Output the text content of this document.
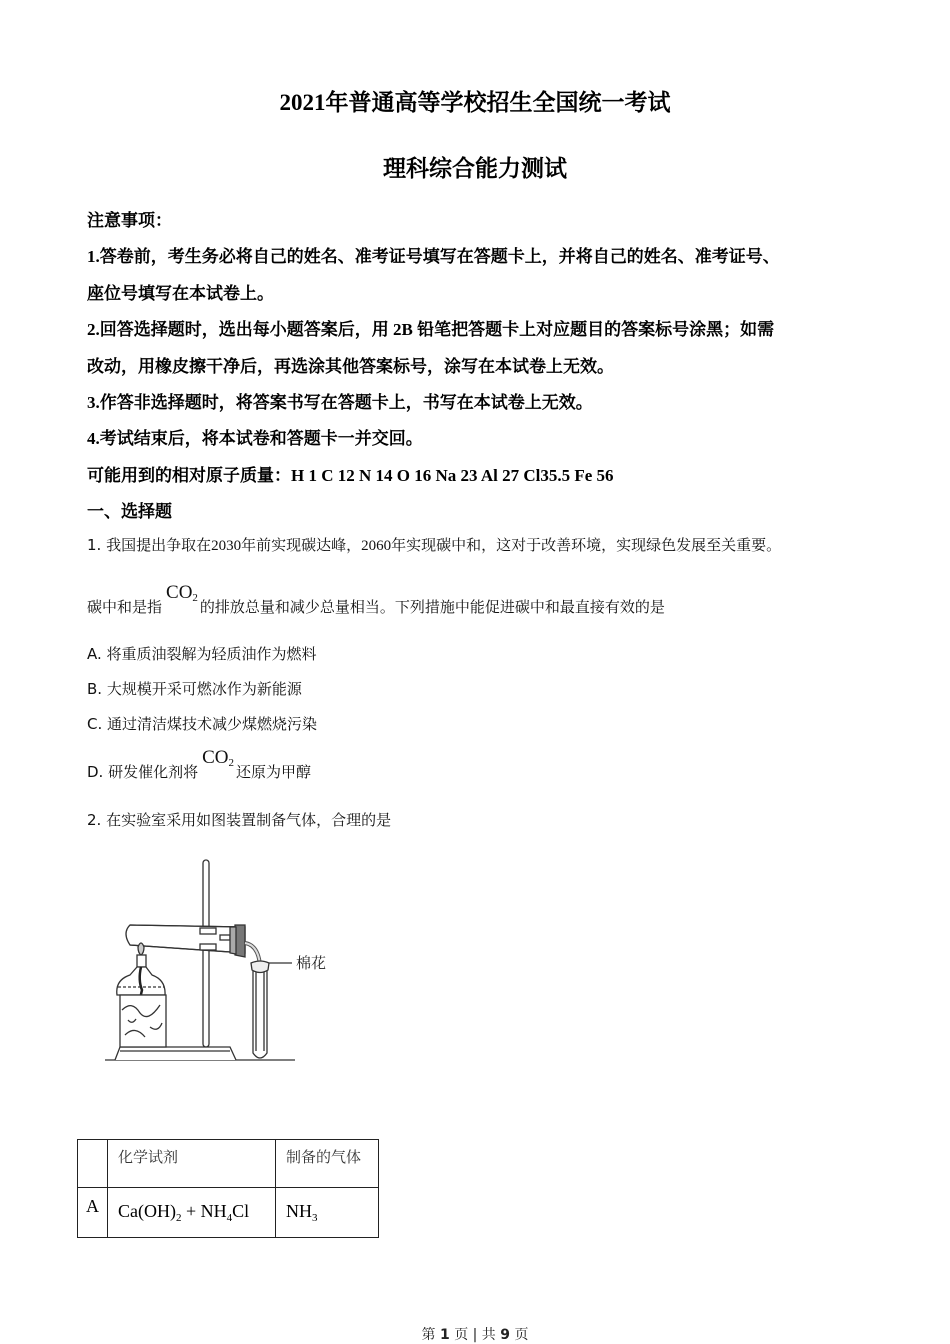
2021年普通高等学校招生全国统一考试
理科综合能力测试
注意事项：
1.答卷前，考生务必将自己的姓名、准考证号填写在答题卡上，并将自己的姓名、准考证号、
座位号填写在本试卷上。
2.回答选择题时，选出每小题答案后，用 2B 铅笔把答题卡上对应题目的答案标号涂黑；如需
改动，用橡皮擦干净后，再选涂其他答案标号，涂写在本试卷上无效。
3.作答非选择题时，将答案书写在答题卡上，书写在本试卷上无效。
4.考试结束后，将本试卷和答题卡一并交回。
可能用到的相对原子质量：H 1 C 12 N 14 O 16 Na 23 Al 27 Cl35.5 Fe 56
一、选择题
1. 我国提出争取在2030年前实现碳达峰，2060年实现碳中和，这对于改善环境，实现绿色发展至关重要。
碳中和是指$CO_2$ 的排放总量和减少总量相当。下列措施中能促进碳中和最直接有效的是
A. 将重质油裂解为轻质油作为燃料
B. 大规模开采可燃冰作为新能源
C. 通过清洁煤技术减少煤燃烧污染
D. 研发催化剂将$CO_2$ 还原为甲醇
2. 在实验室采用如图装置制备气体，合理的是
棉花
	化学试剂	制备的气体
A	$Ca(OH)_2 + NH_4Cl$	$NH_3$
第 1 页 | 共 9 页
